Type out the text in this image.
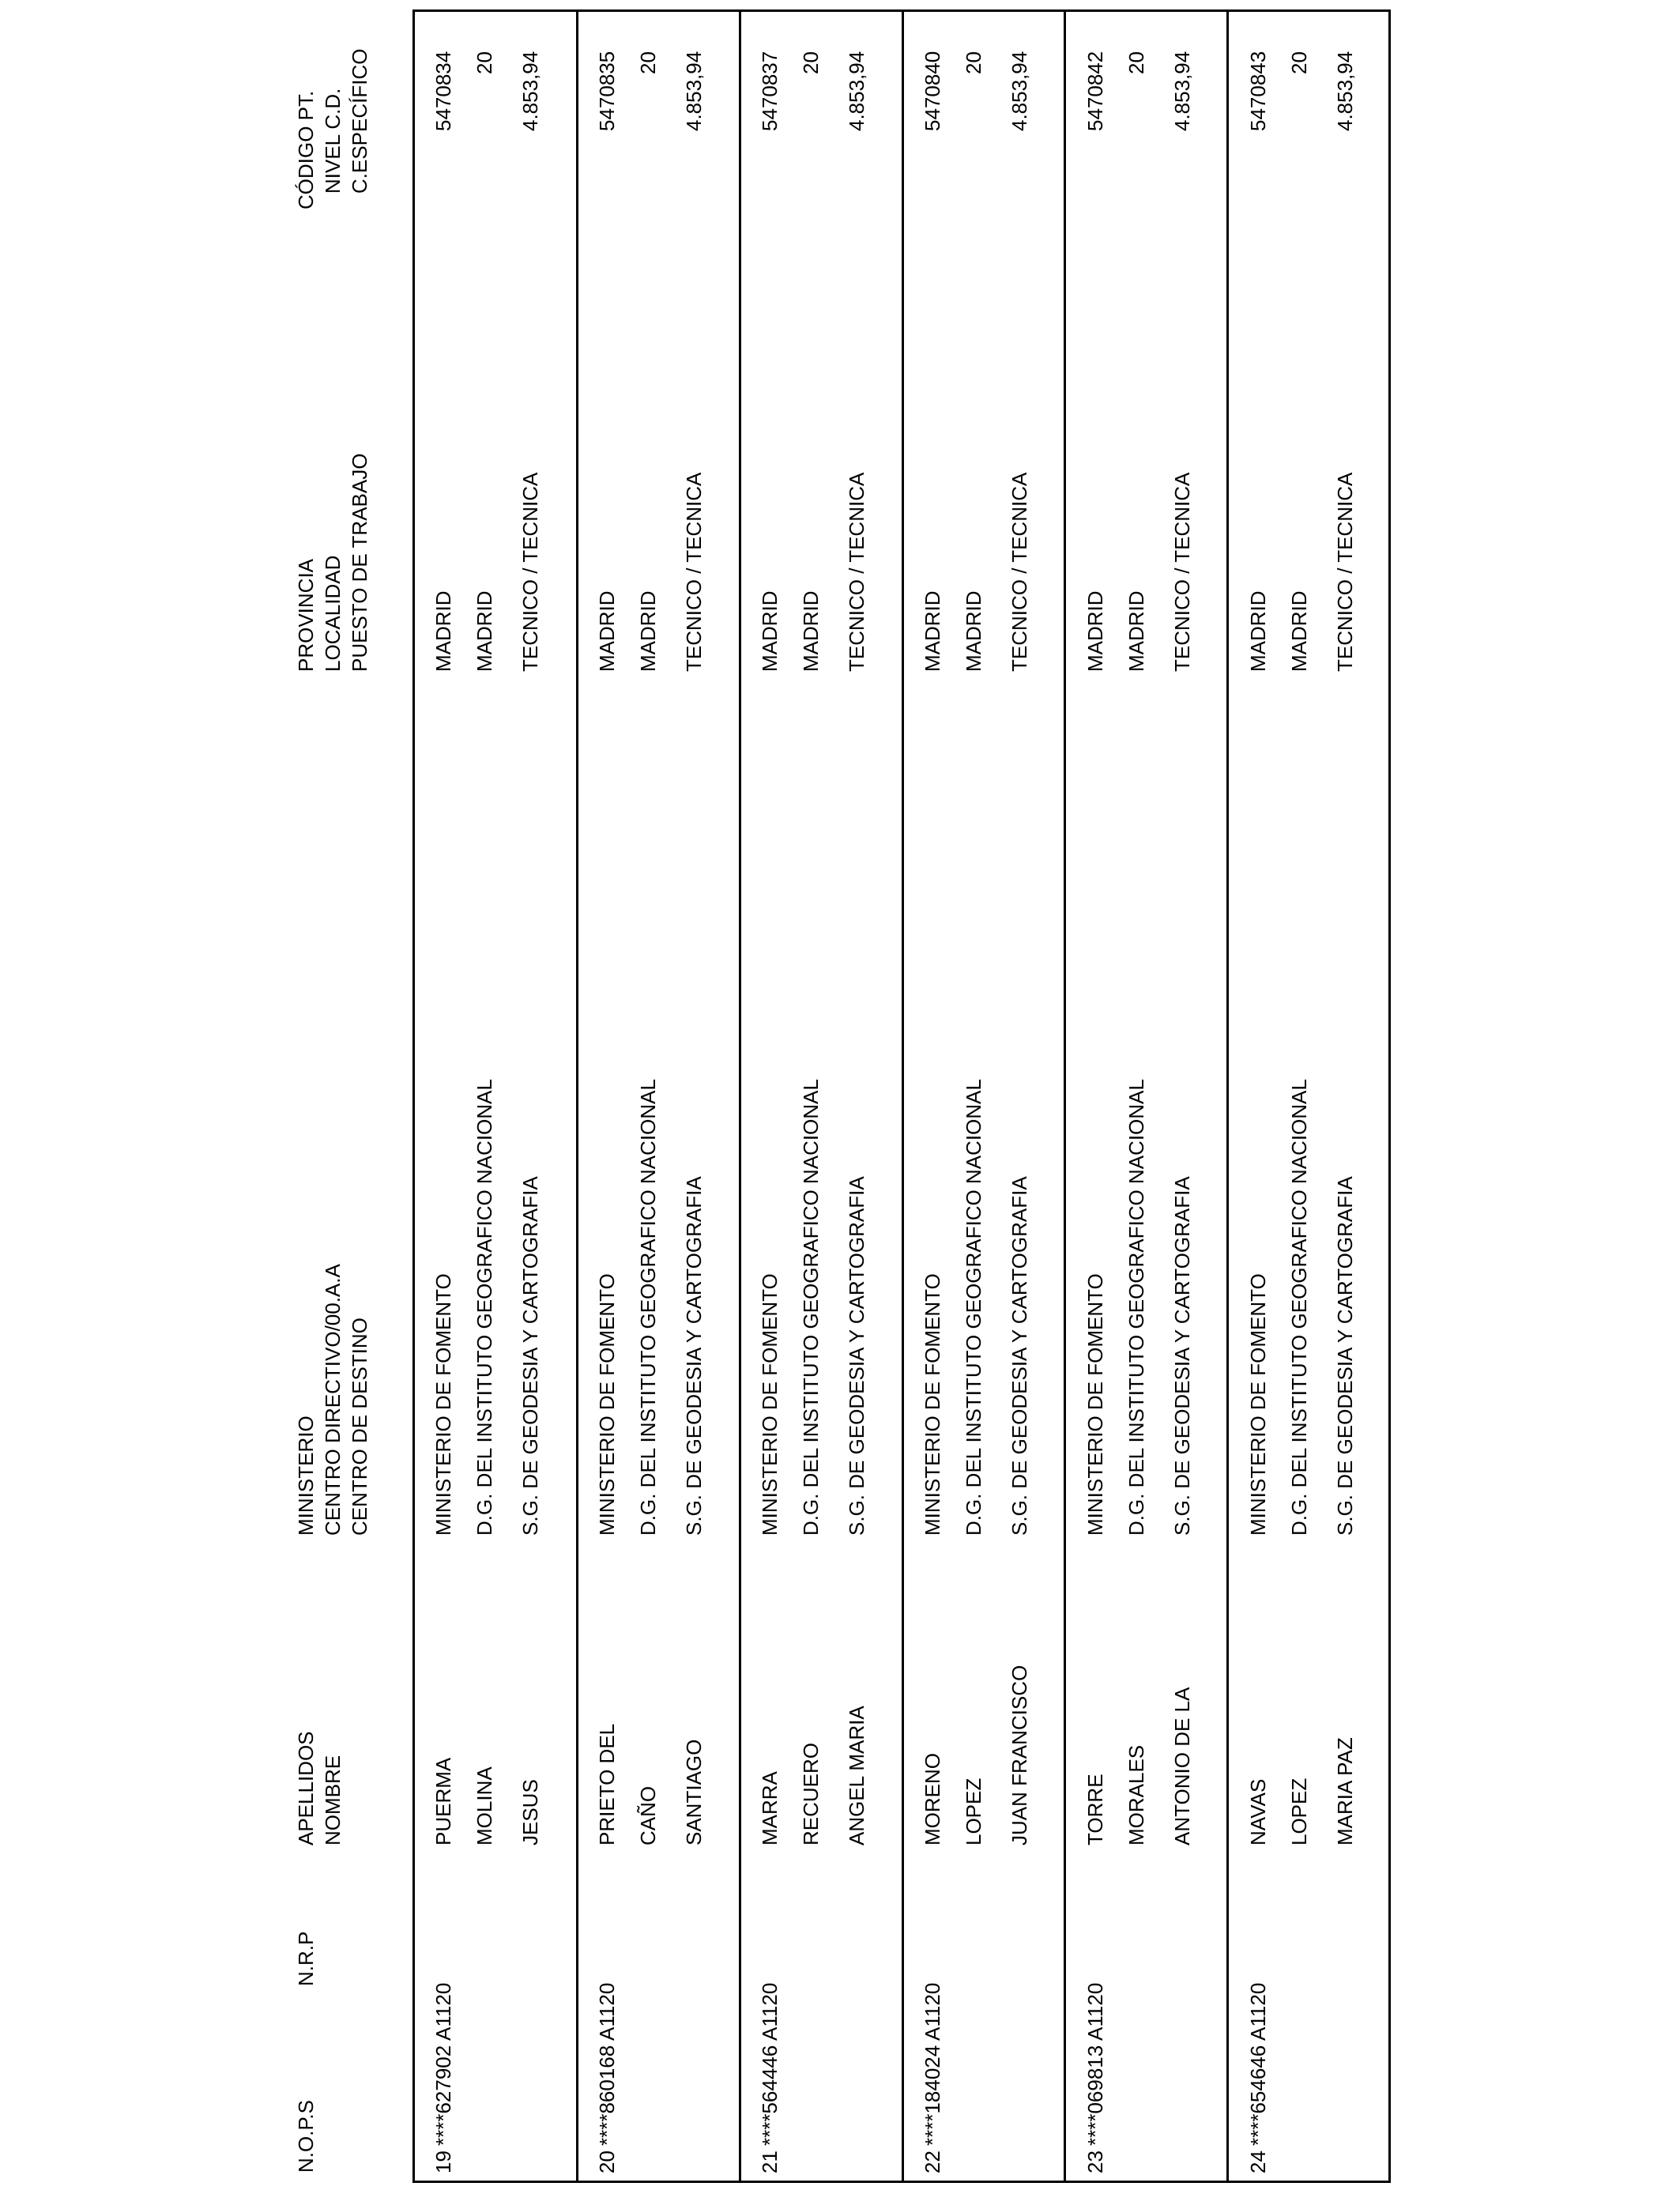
N.O.P.S
N.R.P
APELLIDOS NOMBRE
MINISTERIO CENTRO DIRECTIVO/00.A.A CENTRO DE DESTINO
PROVINCIA LOCALIDAD PUESTO DE TRABAJO
CÓDIGO PT. NIVEL C.D. C.ESPECÍFICO
19
****627902 A1120
PUERMA MOLINA JESUS
MINISTERIO DE FOMENTO D.G. DEL INSTITUTO GEOGRAFICO NACIONAL S.G. DE GEODESIA Y CARTOGRAFIA
MADRID MADRID TECNICO / TECNICA
5470834 20 4.853,94
20
****860168 A1120
PRIETO DEL CAÑO SANTIAGO
MINISTERIO DE FOMENTO D.G. DEL INSTITUTO GEOGRAFICO NACIONAL S.G. DE GEODESIA Y CARTOGRAFIA
MADRID MADRID TECNICO / TECNICA
5470835 20 4.853,94
21
****564446 A1120
MARRA RECUERO ANGEL MARIA
MINISTERIO DE FOMENTO D.G. DEL INSTITUTO GEOGRAFICO NACIONAL S.G. DE GEODESIA Y CARTOGRAFIA
MADRID MADRID TECNICO / TECNICA
5470837 20 4.853,94
22
****184024 A1120
MORENO LOPEZ JUAN FRANCISCO
MINISTERIO DE FOMENTO D.G. DEL INSTITUTO GEOGRAFICO NACIONAL S.G. DE GEODESIA Y CARTOGRAFIA
MADRID MADRID TECNICO / TECNICA
5470840 20 4.853,94
23
****069813 A1120
TORRE MORALES ANTONIO DE LA
MINISTERIO DE FOMENTO D.G. DEL INSTITUTO GEOGRAFICO NACIONAL S.G. DE GEODESIA Y CARTOGRAFIA
MADRID MADRID TECNICO / TECNICA
5470842 20 4.853,94
24
****654646 A1120
NAVAS LOPEZ MARIA PAZ
MINISTERIO DE FOMENTO D.G. DEL INSTITUTO GEOGRAFICO NACIONAL S.G. DE GEODESIA Y CARTOGRAFIA
MADRID MADRID TECNICO / TECNICA
5470843 20 4.853,94
